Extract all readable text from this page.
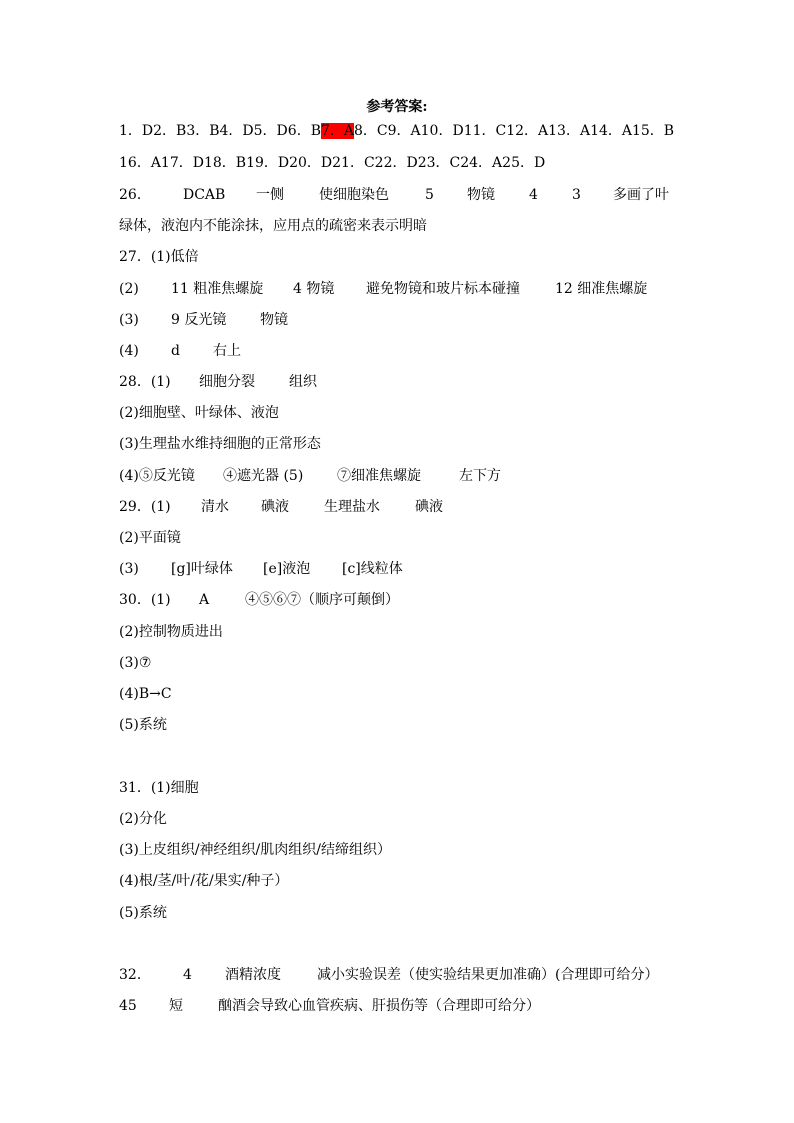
参考答案:
1．D2．B3．B4．D5．D6．B7．A8．C9．A10．D11．C12．A13．A14．A15．B
16．A17．D18．B19．D20．D21．C22．D23．C24．A25．D
26． DCAB 一侧	使细胞染色	5 物镜 4 3 多画了叶
绿体，液泡内不能涂抹，应用点的疏密来表示明暗
27．(1)低倍
(2) 11 粗准焦螺旋 4 物镜 避免物镜和玻片标本碰撞	12 细准焦螺旋
(3) 9 反光镜 物镜
(4) d 右上
28．(1) 细胞分裂 组织
(2)细胞壁、叶绿体、液泡
(3)生理盐水维持细胞的正常形态
(4)⑤反光镜 ④遮光器 (5) ⑦细准焦螺旋	左下方
29．(1) 清水 碘液	生理盐水	碘液
(2)平面镜
(3) [g]叶绿体 [e]液泡 [c]线粒体
30．(1) A	④⑤⑥⑦（顺序可颠倒）
(2)控制物质进出
(3)⑦
(4)B→C
(5)系统
31．(1)细胞
(2)分化
(3)上皮组织/神经组织/肌肉组织/结缔组织）
(4)根/茎/叶/花/果实/种子）
(5)系统
32． 4 酒精浓度	减小实验误差（使实验结果更加准确）(合理即可给分）
45 短	酗酒会导致心血管疾病、肝损伤等（合理即可给分）
